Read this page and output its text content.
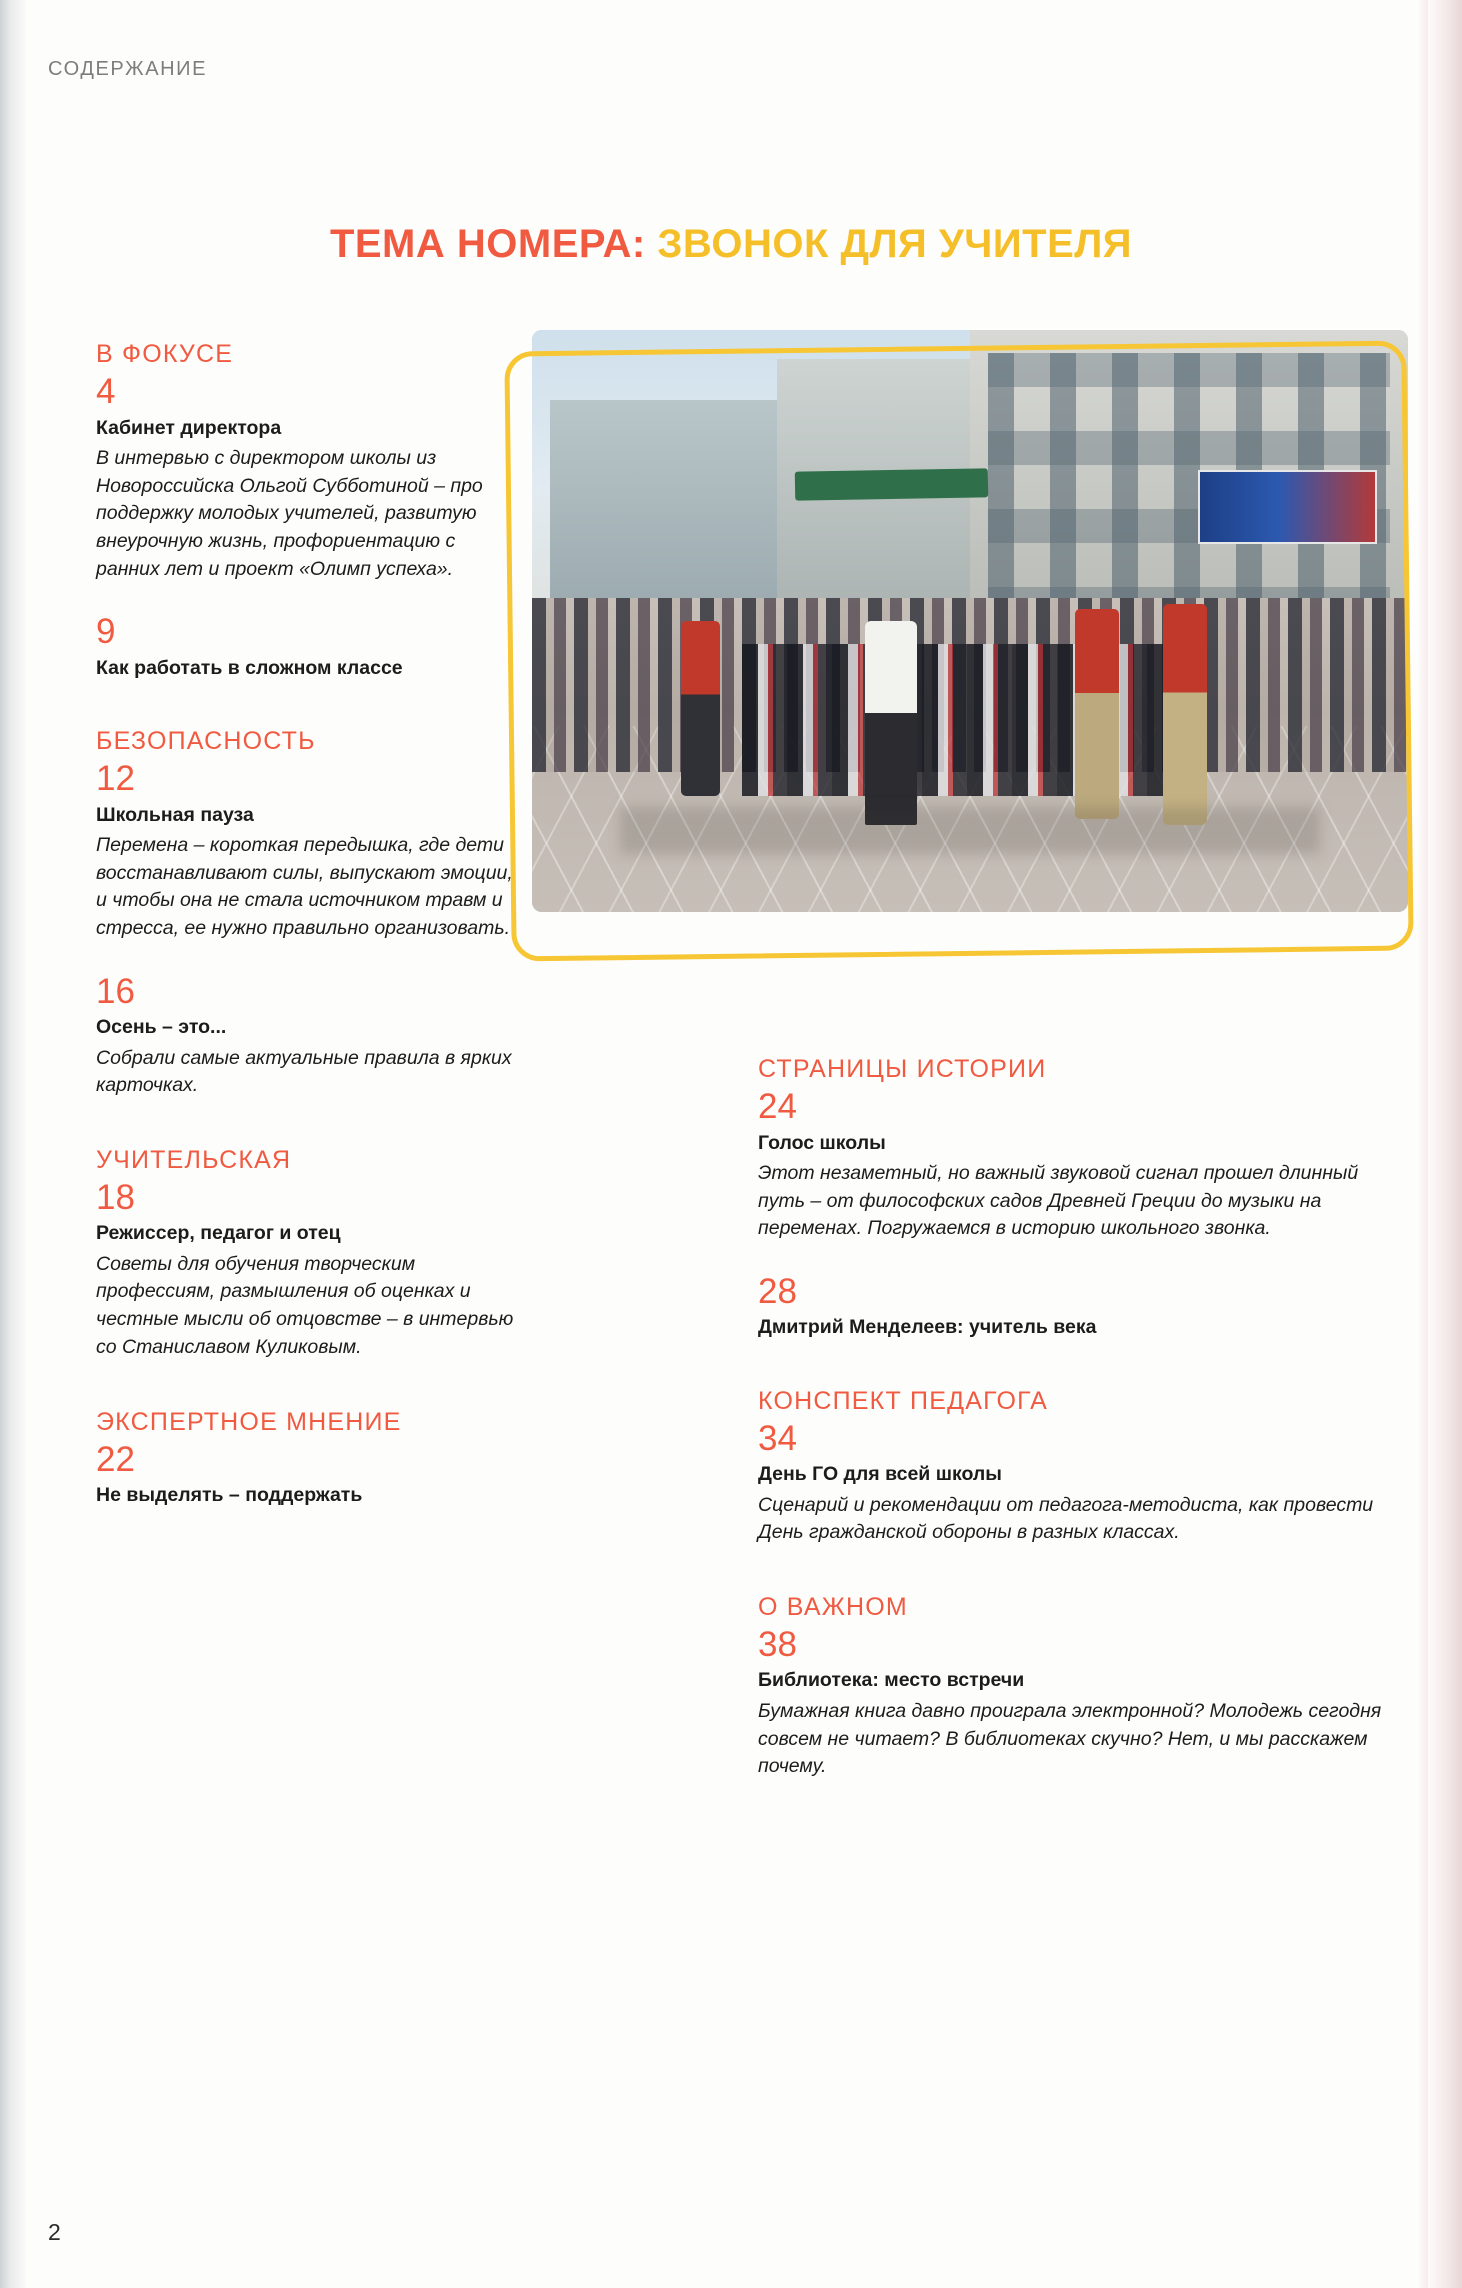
СОДЕРЖАНИЕ
ТЕМА НОМЕРА: ЗВОНОК ДЛЯ УЧИТЕЛЯ
В ФОКУСЕ
4
Кабинет директора
В интервью с директором школы из Новороссийска Ольгой Субботиной – про поддержку молодых учителей, развитую внеурочную жизнь, профориентацию с ранних лет и проект «Олимп успеха».
9
Как работать в сложном классе
БЕЗОПАСНОСТЬ
12
Школьная пауза
Перемена – короткая передышка, где дети восстанавливают силы, выпускают эмоции, и чтобы она не стала источником травм и стресса, ее нужно правильно организовать.
16
Осень – это...
Собрали самые актуальные правила в ярких карточках.
УЧИТЕЛЬСКАЯ
18
Режиссер, педагог и отец
Советы для обучения творческим профессиям, размышления об оценках и честные мысли об отцовстве – в интервью со Станиславом Куликовым.
ЭКСПЕРТНОЕ МНЕНИЕ
22
Не выделять – поддержать
СТРАНИЦЫ ИСТОРИИ
24
Голос школы
Этот незаметный, но важный звуковой сигнал прошел длинный путь – от философских садов Древней Греции до музыки на переменах. Погружаемся в историю школьного звонка.
28
Дмитрий Менделеев: учитель века
КОНСПЕКТ ПЕДАГОГА
34
День ГО для всей школы
Сценарий и рекомендации от педагога-методиста, как провести День гражданской обороны в разных классах.
О ВАЖНОМ
38
Библиотека: место встречи
Бумажная книга давно проиграла электронной? Молодежь сегодня совсем не читает? В библиотеках скучно? Нет, и мы расскажем почему.
2
